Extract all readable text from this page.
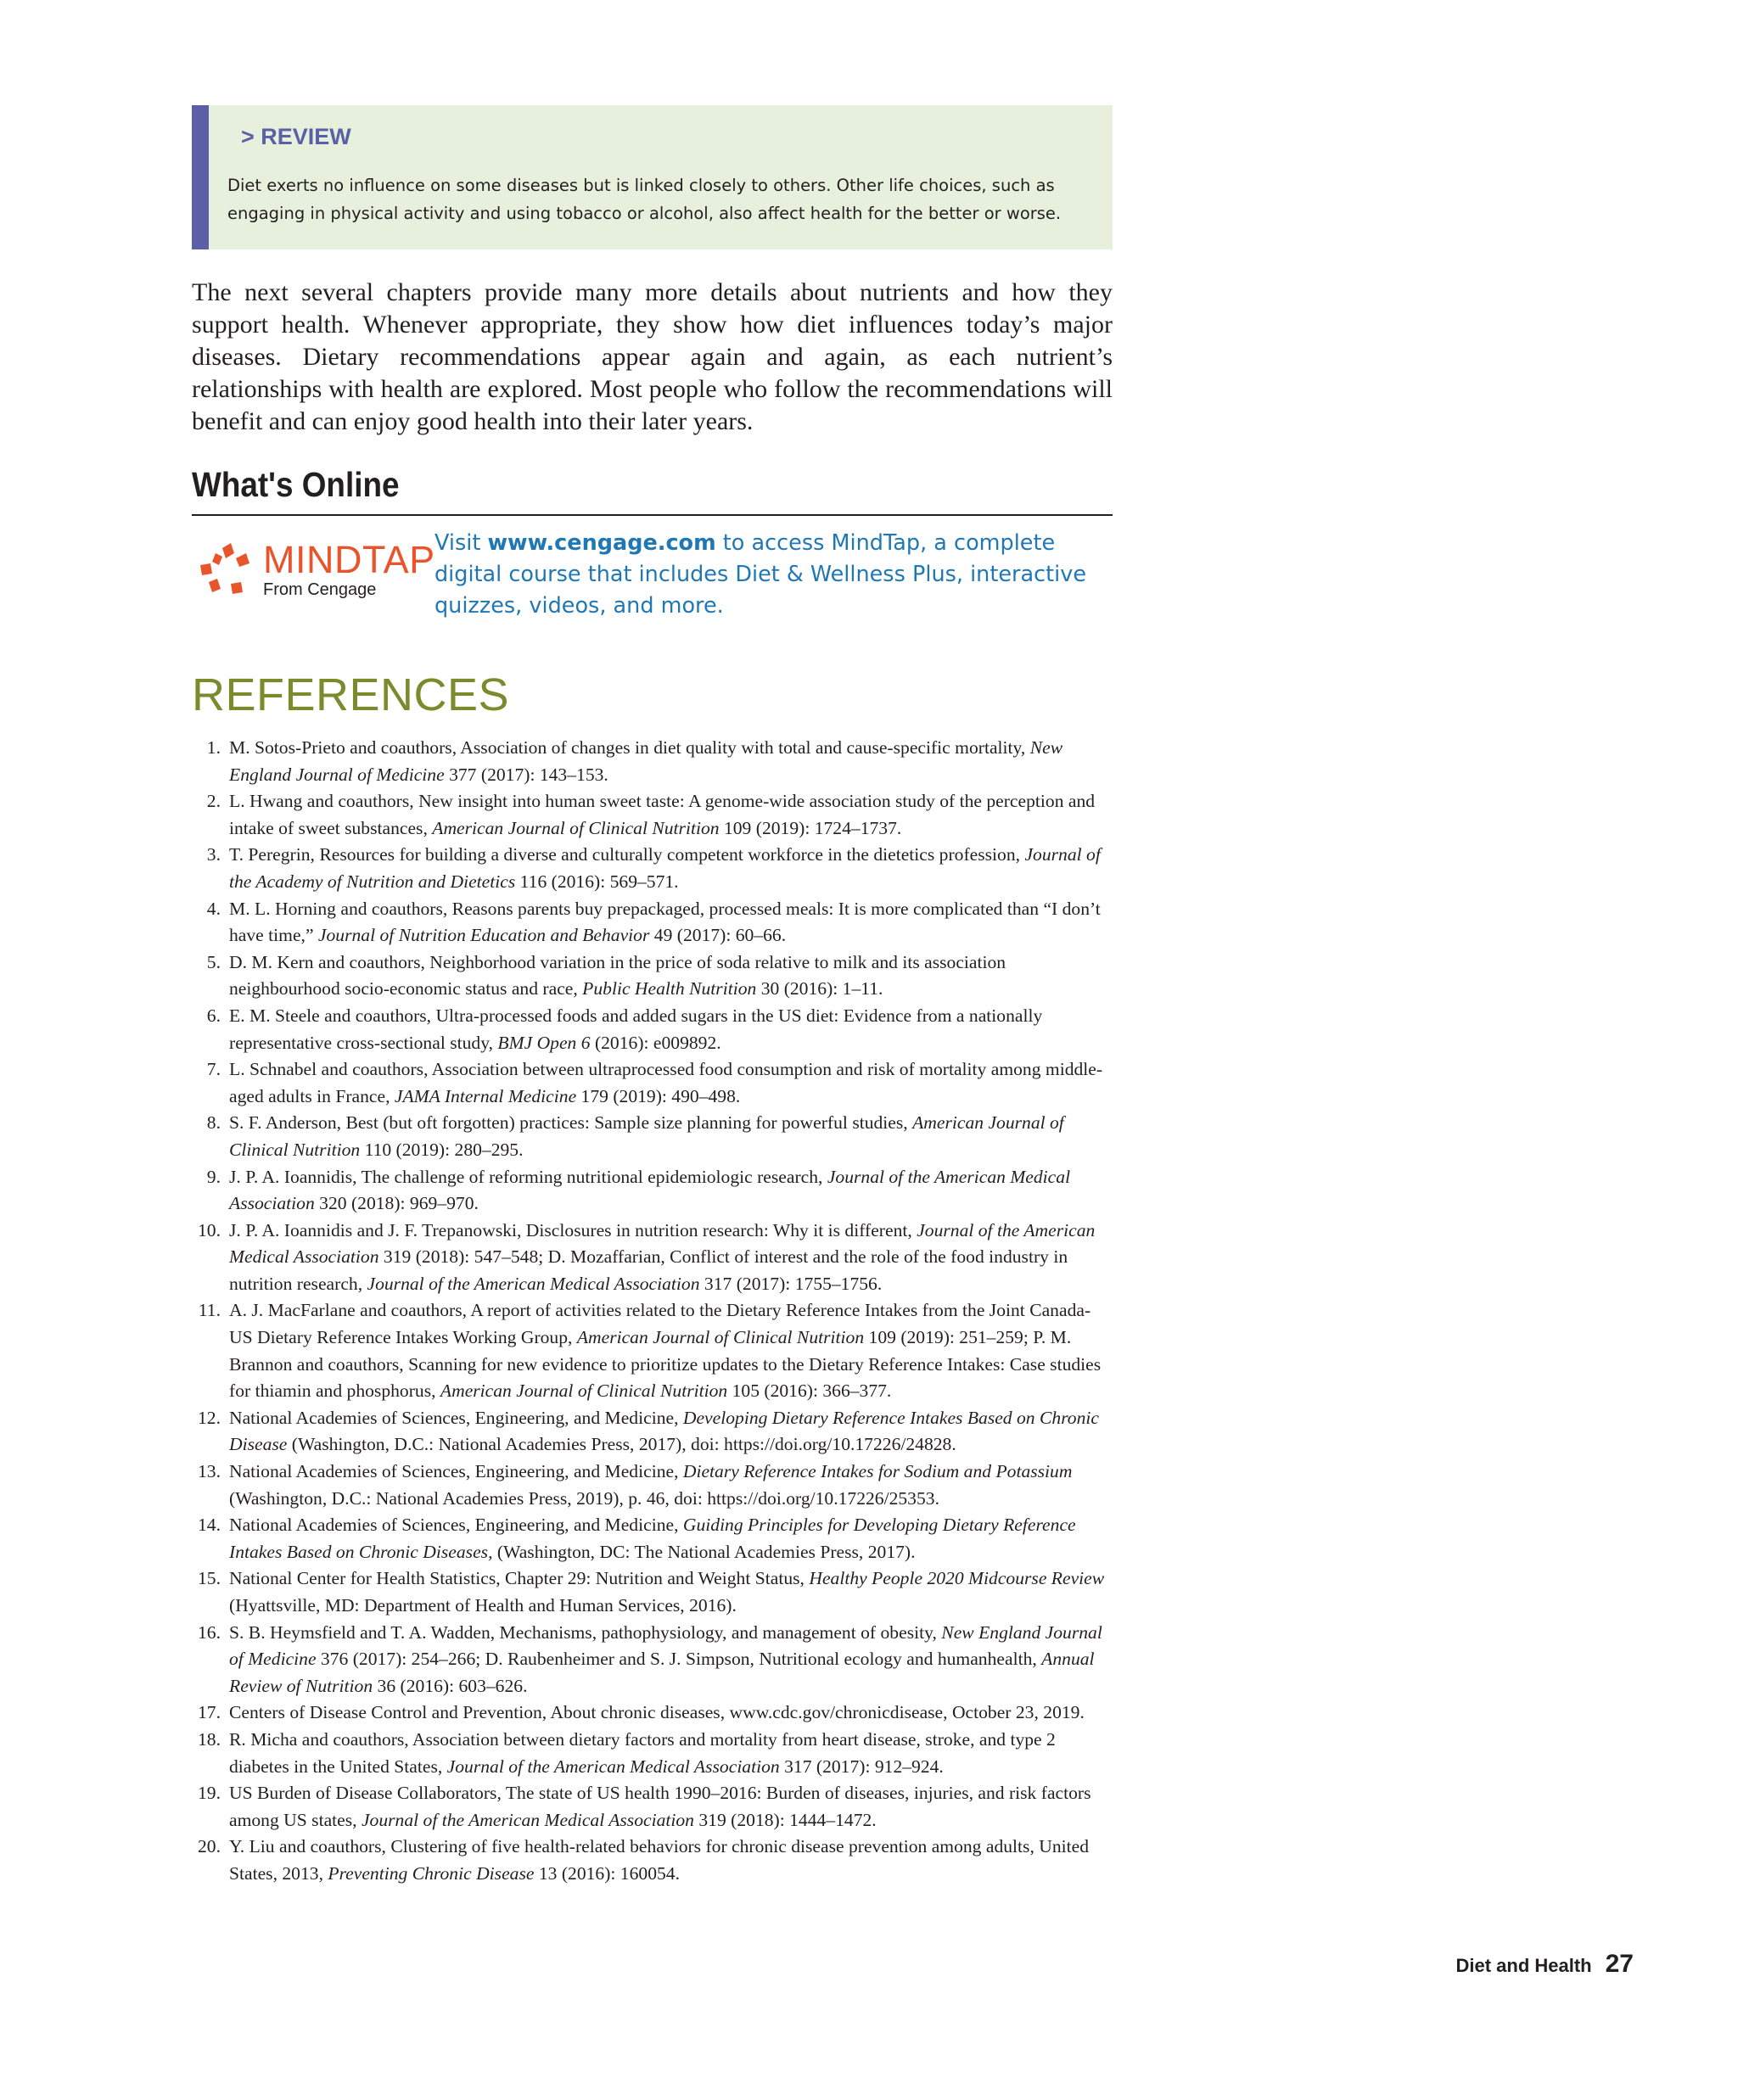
> REVIEW
Diet exerts no influence on some diseases but is linked closely to others. Other life choices, such as engaging in physical activity and using tobacco or alcohol, also affect health for the better or worse.
The next several chapters provide many more details about nutrients and how they support health. Whenever appropriate, they show how diet influences today’s major diseases. Dietary recommendations appear again and again, as each nutrient’s relationships with health are explored. Most people who follow the recommendations will benefit and can enjoy good health into their later years.
What's Online
MINDTAP
From Cengage
Visit www.cengage.com to access MindTap, a complete digital course that includes Diet & Wellness Plus, interactive quizzes, videos, and more.
REFERENCES
1. M. Sotos-Prieto and coauthors, Association of changes in diet quality with total and cause-specific mortality, New England Journal of Medicine 377 (2017): 143–153.
2. L. Hwang and coauthors, New insight into human sweet taste: A genome-wide association study of the perception and intake of sweet substances, American Journal of Clinical Nutrition 109 (2019): 1724–1737.
3. T. Peregrin, Resources for building a diverse and culturally competent workforce in the dietetics profession, Journal of the Academy of Nutrition and Dietetics 116 (2016): 569–571.
4. M. L. Horning and coauthors, Reasons parents buy prepackaged, processed meals: It is more complicated than “I don’t have time,” Journal of Nutrition Education and Behavior 49 (2017): 60–66.
5. D. M. Kern and coauthors, Neighborhood variation in the price of soda relative to milk and its association neighbourhood socio-economic status and race, Public Health Nutrition 30 (2016): 1–11.
6. E. M. Steele and coauthors, Ultra-processed foods and added sugars in the US diet: Evidence from a nationally representative cross-sectional study, BMJ Open 6 (2016): e009892.
7. L. Schnabel and coauthors, Association between ultraprocessed food consumption and risk of mortality among middle-aged adults in France, JAMA Internal Medicine 179 (2019): 490–498.
8. S. F. Anderson, Best (but oft forgotten) practices: Sample size planning for powerful studies, American Journal of Clinical Nutrition 110 (2019): 280–295.
9. J. P. A. Ioannidis, The challenge of reforming nutritional epidemiologic research, Journal of the American Medical Association 320 (2018): 969–970.
10. J. P. A. Ioannidis and J. F. Trepanowski, Disclosures in nutrition research: Why it is different, Journal of the American Medical Association 319 (2018): 547–548; D. Mozaffarian, Conflict of interest and the role of the food industry in nutrition research, Journal of the American Medical Association 317 (2017): 1755–1756.
11. A. J. MacFarlane and coauthors, A report of activities related to the Dietary Reference Intakes from the Joint Canada-US Dietary Reference Intakes Working Group, American Journal of Clinical Nutrition 109 (2019): 251–259; P. M. Brannon and coauthors, Scanning for new evidence to prioritize updates to the Dietary Reference Intakes: Case studies for thiamin and phosphorus, American Journal of Clinical Nutrition 105 (2016): 366–377.
12. National Academies of Sciences, Engineering, and Medicine, Developing Dietary Reference Intakes Based on Chronic Disease (Washington, D.C.: National Academies Press, 2017), doi: https://doi.org/10.17226/24828.
13. National Academies of Sciences, Engineering, and Medicine, Dietary Reference Intakes for Sodium and Potassium (Washington, D.C.: National Academies Press, 2019), p. 46, doi: https://doi.org/10.17226/25353.
14. National Academies of Sciences, Engineering, and Medicine, Guiding Principles for Developing Dietary Reference Intakes Based on Chronic Diseases, (Washington, DC: The National Academies Press, 2017).
15. National Center for Health Statistics, Chapter 29: Nutrition and Weight Status, Healthy People 2020 Midcourse Review (Hyattsville, MD: Department of Health and Human Services, 2016).
16. S. B. Heymsfield and T. A. Wadden, Mechanisms, pathophysiology, and management of obesity, New England Journal of Medicine 376 (2017): 254–266; D. Raubenheimer and S. J. Simpson, Nutritional ecology and humanhealth, Annual Review of Nutrition 36 (2016): 603–626.
17. Centers of Disease Control and Prevention, About chronic diseases, www.cdc.gov/chronicdisease, October 23, 2019.
18. R. Micha and coauthors, Association between dietary factors and mortality from heart disease, stroke, and type 2 diabetes in the United States, Journal of the American Medical Association 317 (2017): 912–924.
19. US Burden of Disease Collaborators, The state of US health 1990–2016: Burden of diseases, injuries, and risk factors among US states, Journal of the American Medical Association 319 (2018): 1444–1472.
20. Y. Liu and coauthors, Clustering of five health-related behaviors for chronic disease prevention among adults, United States, 2013, Preventing Chronic Disease 13 (2016): 160054.
Diet and Health 27
